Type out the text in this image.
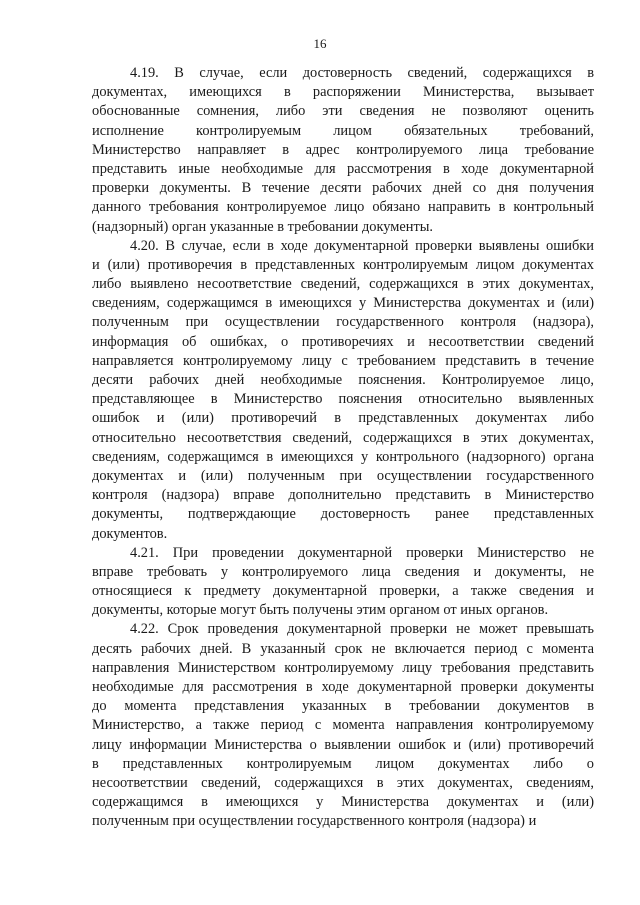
16
4.19. В случае, если достоверность сведений, содержащихся в
документах, имеющихся в распоряжении Министерства, вызывает
обоснованные сомнения, либо эти сведения не позволяют оценить
исполнение контролируемым лицом обязательных требований,
Министерство направляет в адрес контролируемого лица требование
представить иные необходимые для рассмотрения в ходе документарной
проверки документы. В течение десяти рабочих дней со дня получения
данного требования контролируемое лицо обязано направить в контрольный
(надзорный) орган указанные в требовании документы.
4.20. В случае, если в ходе документарной проверки выявлены ошибки
и (или) противоречия в представленных контролируемым лицом документах
либо выявлено несоответствие сведений, содержащихся в этих документах,
сведениям, содержащимся в имеющихся у Министерства документах и (или)
полученным при осуществлении государственного контроля (надзора),
информация об ошибках, о противоречиях и несоответствии сведений
направляется контролируемому лицу с требованием представить в течение
десяти рабочих дней необходимые пояснения. Контролируемое лицо,
представляющее в Министерство пояснения относительно выявленных
ошибок и (или) противоречий в представленных документах либо
относительно несоответствия сведений, содержащихся в этих документах,
сведениям, содержащимся в имеющихся у контрольного (надзорного) органа
документах и (или) полученным при осуществлении государственного
контроля (надзора) вправе дополнительно представить в Министерство
документы, подтверждающие достоверность ранее представленных
документов.
4.21. При проведении документарной проверки Министерство не
вправе требовать у контролируемого лица сведения и документы, не
относящиеся к предмету документарной проверки, а также сведения и
документы, которые могут быть получены этим органом от иных органов.
4.22. Срок проведения документарной проверки не может превышать
десять рабочих дней. В указанный срок не включается период с момента
направления Министерством контролируемому лицу требования представить
необходимые для рассмотрения в ходе документарной проверки документы
до момента представления указанных в требовании документов в
Министерство, а также период с момента направления контролируемому
лицу информации Министерства о выявлении ошибок и (или) противоречий
в представленных контролируемым лицом документах либо о
несоответствии сведений, содержащихся в этих документах, сведениям,
содержащимся в имеющихся у Министерства документах и (или)
полученным при осуществлении государственного контроля (надзора) и
